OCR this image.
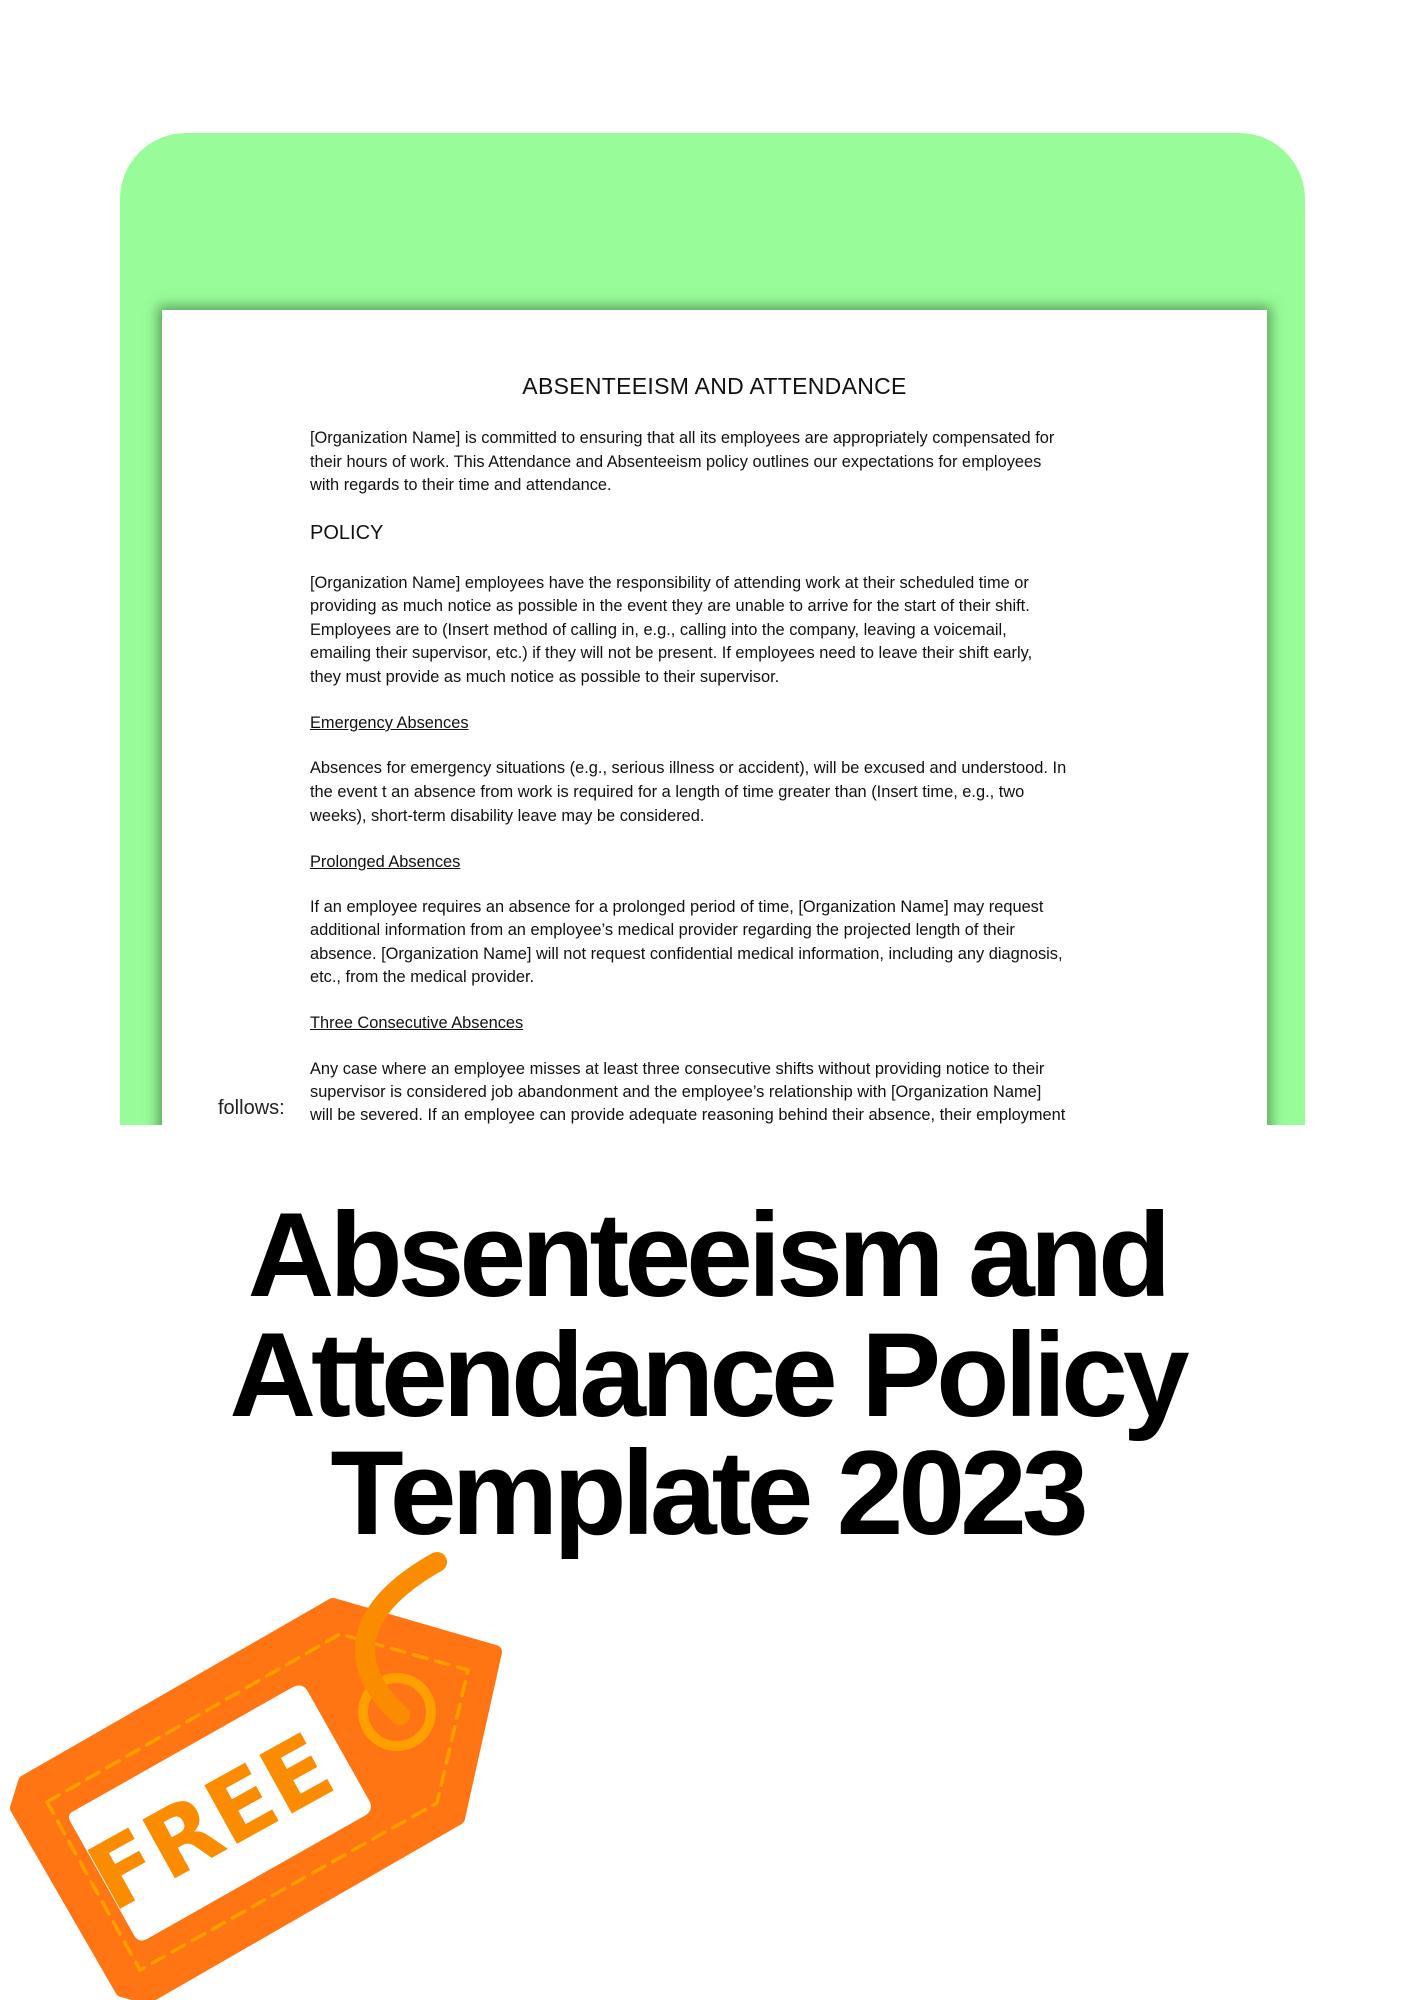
ABSENTEEISM AND ATTENDANCE
[Organization Name] is committed to ensuring that all its employees are appropriately compensated for
their hours of work. This Attendance and Absenteeism policy outlines our expectations for employees
with regards to their time and attendance.
POLICY
[Organization Name] employees have the responsibility of attending work at their scheduled time or
providing as much notice as possible in the event they are unable to arrive for the start of their shift.
Employees are to (Insert method of calling in, e.g., calling into the company, leaving a voicemail,
emailing their supervisor, etc.) if they will not be present. If employees need to leave their shift early,
they must provide as much notice as possible to their supervisor.
Emergency Absences
Absences for emergency situations (e.g., serious illness or accident), will be excused and understood. In
the event t an absence from work is required for a length of time greater than (Insert time, e.g., two
weeks), short-term disability leave may be considered.
Prolonged Absences
If an employee requires an absence for a prolonged period of time, [Organization Name] may request
additional information from an employee’s medical provider regarding the projected length of their
absence. [Organization Name] will not request confidential medical information, including any diagnosis,
etc., from the medical provider.
Three Consecutive Absences
Any case where an employee misses at least three consecutive shifts without providing notice to their
supervisor is considered job abandonment and the employee’s relationship with [Organization Name]
will be severed. If an employee can provide adequate reasoning behind their absence, their employment
follows:
Absenteeism and
Attendance Policy
Template 2023
FREE
